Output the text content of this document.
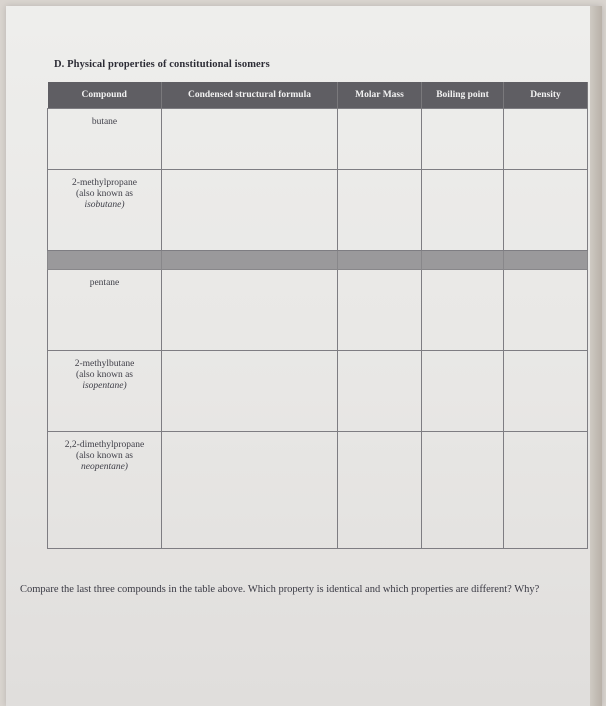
D. Physical properties of constitutional isomers
Compound	Condensed structural formula	Molar Mass	Boiling point	Density

butane				

2-methylpropane
(also known as
isobutane)				

pentane				

2-methylbutane
(also known as
isopentane)				

2,2-dimethylpropane
(also known as
neopentane)				

Compare the last three compounds in the table above. Which property is identical and which properties are different? Why?
